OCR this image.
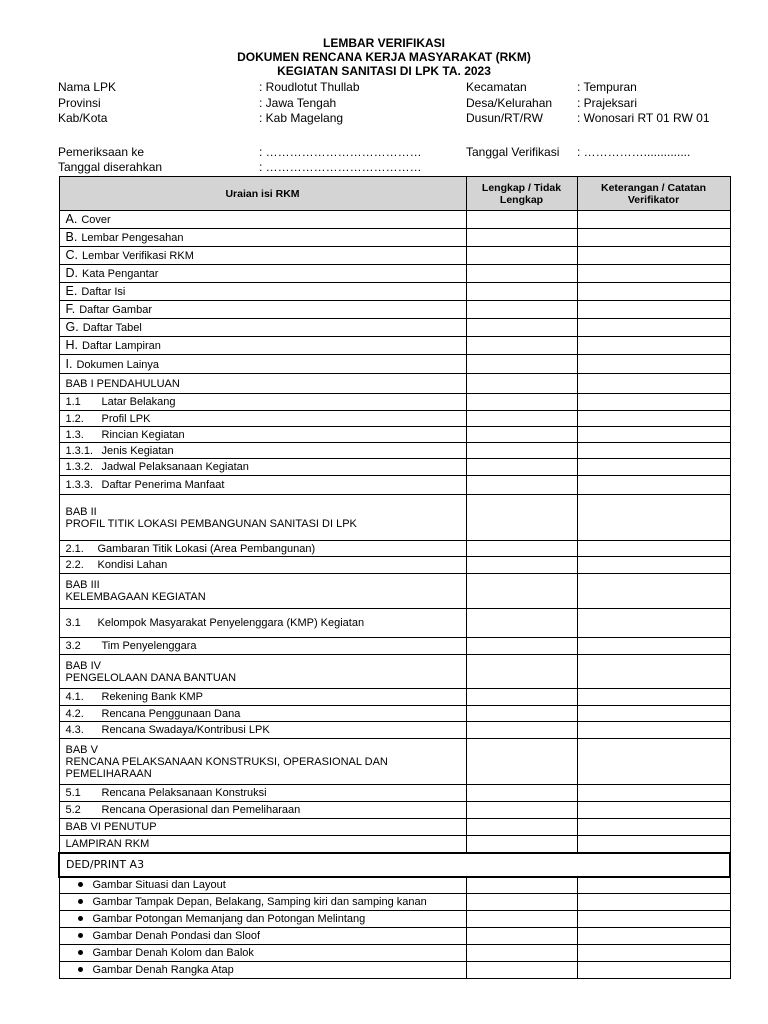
LEMBAR VERIFIKASI
DOKUMEN RENCANA KERJA MASYARAKAT (RKM)
KEGIATAN SANITASI DI LPK TA. 2023
Nama LPK	: Roudlotut Thullab	Kecamatan	: Tempuran
Provinsi	: Jawa Tengah	Desa/Kelurahan : Prajeksari
Kab/Kota	: Kab Magelang	Dusun/RT/RW	: Wonosari RT 01 RW 01
Pemeriksaan ke	: …………………………………	Tanggal Verifikasi : ……………..............
Tanggal diserahkan	: …………………………………
Uraian isi RKM	Lengkap / Tidak Lengkap	Keterangan / Catatan Verifikator
A. Cover		
B. Lembar Pengesahan		
C. Lembar Verifikasi RKM		
D. Kata Pengantar		
E. Daftar Isi		
F. Daftar Gambar		
G. Daftar Tabel		
H. Daftar Lampiran		
I. Dokumen Lainya		
BAB I PENDAHULUAN		
1.1 Latar Belakang		
1.2. Profil LPK		
1.3. Rincian Kegiatan		
1.3.1. Jenis Kegiatan		
1.3.2. Jadwal Pelaksanaan Kegiatan		
1.3.3. Daftar Penerima Manfaat		

BAB II
PROFIL TITIK LOKASI PEMBANGUNAN SANITASI DI LPK		

2.1. Gambaran Titik Lokasi (Area Pembangunan)		
2.2. Kondisi Lahan		

BAB III
KELEMBAGAAN KEGIATAN		

3.1 Kelompok Masyarakat Penyelenggara (KMP) Kegiatan		
3.2 Tim Penyelenggara		

BAB IV
PENGELOLAAN DANA BANTUAN		

4.1. Rekening Bank KMP		
4.2. Rencana Penggunaan Dana		
4.3. Rencana Swadaya/Kontribusi LPK		

BAB V
RENCANA PELAKSANAAN KONSTRUKSI, OPERASIONAL DAN PEMELIHARAAN		

5.1 Rencana Pelaksanaan Konstruksi		
5.2 Rencana Operasional dan Pemeliharaan		
BAB VI PENUTUP		
LAMPIRAN RKM		
DED/PRINT A3		
Gambar Situasi dan Layout		
Gambar Tampak Depan, Belakang, Samping kiri dan samping kanan		
Gambar Potongan Memanjang dan Potongan Melintang		
Gambar Denah Pondasi dan Sloof		
Gambar Denah Kolom dan Balok		
Gambar Denah Rangka Atap		
